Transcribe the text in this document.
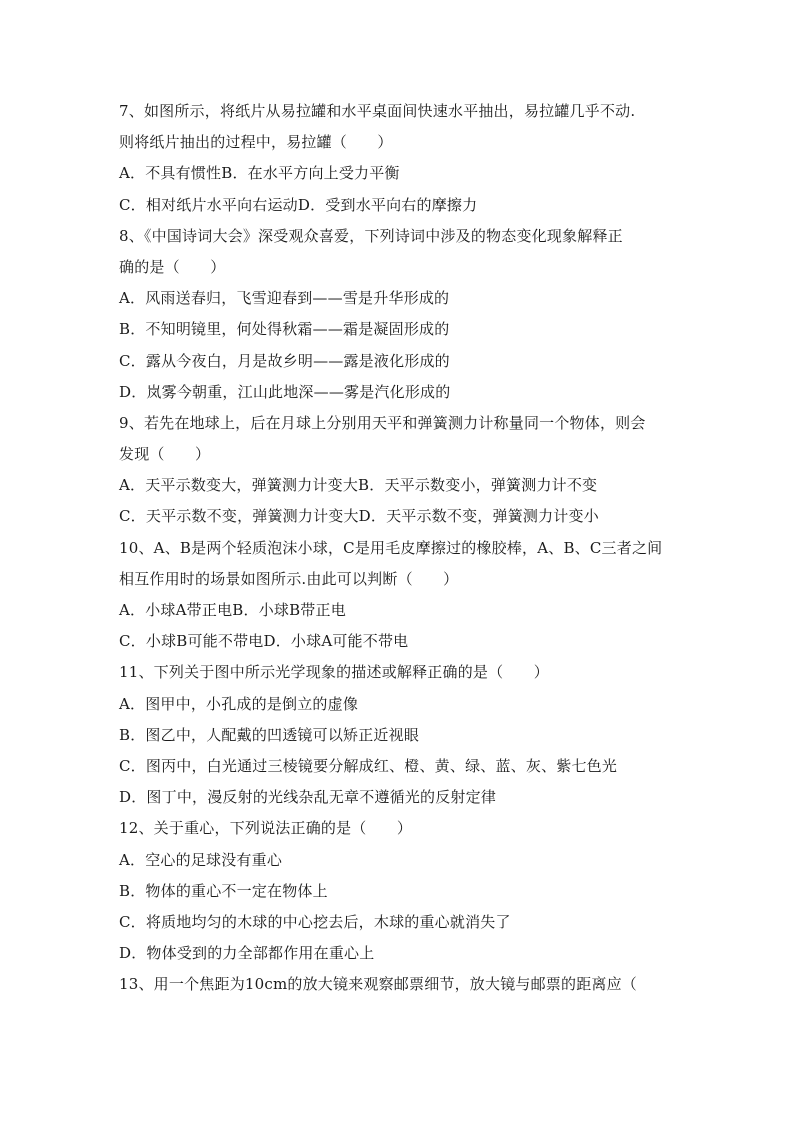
7、如图所示，将纸片从易拉罐和水平桌面间快速水平抽出，易拉罐几乎不动.
则将纸片抽出的过程中，易拉罐（　　）
A．不具有惯性B．在水平方向上受力平衡
C．相对纸片水平向右运动D．受到水平向右的摩擦力
8、《中国诗词大会》深受观众喜爱，下列诗词中涉及的物态变化现象解释正
确的是（　　）
A．风雨送春归，飞雪迎春到——雪是升华形成的
B．不知明镜里，何处得秋霜——霜是凝固形成的
C．露从今夜白，月是故乡明——露是液化形成的
D．岚雾今朝重，江山此地深——雾是汽化形成的
9、若先在地球上，后在月球上分别用天平和弹簧测力计称量同一个物体，则会
发现（　　）
A．天平示数变大，弹簧测力计变大B．天平示数变小，弹簧测力计不变
C．天平示数不变，弹簧测力计变大D．天平示数不变，弹簧测力计变小
10、A、B是两个轻质泡沫小球，C是用毛皮摩擦过的橡胶棒，A、B、C三者之间
相互作用时的场景如图所示.由此可以判断（　　）
A．小球A带正电B．小球B带正电
C．小球B可能不带电D．小球A可能不带电
11、下列关于图中所示光学现象的描述或解释正确的是（　　）
A．图甲中，小孔成的是倒立的虚像
B．图乙中，人配戴的凹透镜可以矫正近视眼
C．图丙中，白光通过三棱镜要分解成红、橙、黄、绿、蓝、灰、紫七色光
D．图丁中，漫反射的光线杂乱无章不遵循光的反射定律
12、关于重心，下列说法正确的是（　　）
A．空心的足球没有重心
B．物体的重心不一定在物体上
C．将质地均匀的木球的中心挖去后，木球的重心就消失了
D．物体受到的力全部都作用在重心上
13、用一个焦距为10cm的放大镜来观察邮票细节，放大镜与邮票的距离应（
